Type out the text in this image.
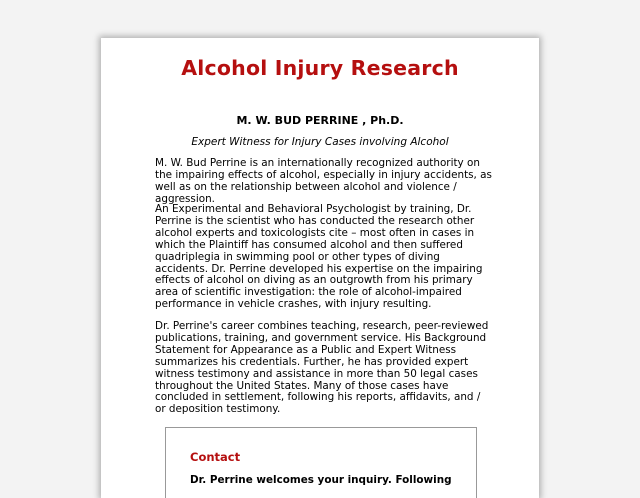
Alcohol Injury Research

M. W. BUD PERRINE , Ph.D.

Expert Witness for Injury Cases involving Alcohol

M. W. Bud Perrine is an internationally recognized authority on the impairing effects of alcohol, especially in injury accidents, as well as on the relationship between alcohol and violence / aggression.

An Experimental and Behavioral Psychologist by training, Dr. Perrine is the scientist who has conducted the research other alcohol experts and toxicologists cite – most often in cases in which the Plaintiff has consumed alcohol and then suffered quadriplegia in swimming pool or other types of diving accidents. Dr. Perrine developed his expertise on the impairing effects of alcohol on diving as an outgrowth from his primary area of scientific investigation: the role of alcohol-impaired performance in vehicle crashes, with injury resulting.

Dr. Perrine's career combines teaching, research, peer-reviewed publications, training, and government service. His Background Statement for Appearance as a Public and Expert Witness summarizes his credentials. Further, he has provided expert witness testimony and assistance in more than 50 legal cases throughout the United States. Many of those cases have concluded in settlement, following his reports, affidavits, and / or deposition testimony.

Contact

Dr. Perrine welcomes your inquiry. Following
